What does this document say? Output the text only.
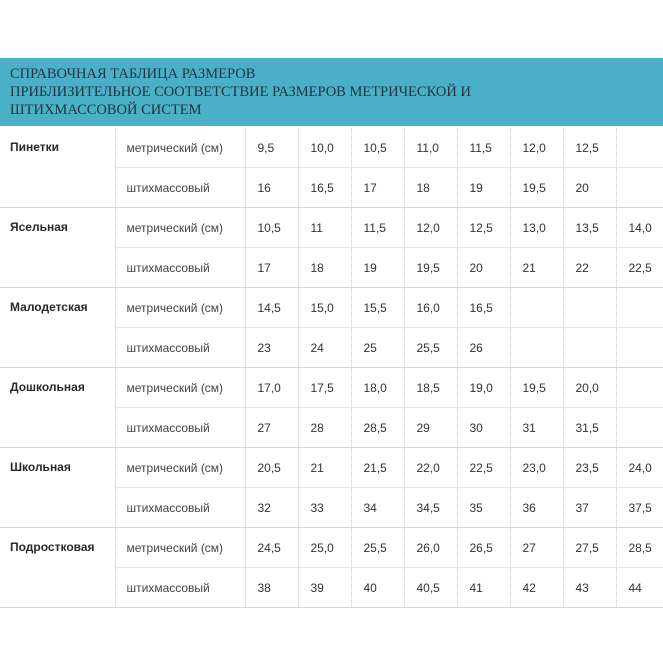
СПРАВОЧНАЯ ТАБЛИЦА РАЗМЕРОВ
ПРИБЛИЗИТЕЛЬНОЕ СООТВЕТСТВИЕ РАЗМЕРОВ МЕТРИЧЕСКОЙ И
ШТИХМАССОВОЙ СИСТЕМ
Пинетки	метрический (см)	9,5	10,0	10,5	11,0	11,5	12,0	12,5	
	штихмассовый	16	16,5	17	18	19	19,5	20	
Ясельная	метрический (см)	10,5	11	11,5	12,0	12,5	13,0	13,5	14,0
	штихмассовый	17	18	19	19,5	20	21	22	22,5
Малодетская	метрический (см)	14,5	15,0	15,5	16,0	16,5			
	штихмассовый	23	24	25	25,5	26			
Дошкольная	метрический (см)	17,0	17,5	18,0	18,5	19,0	19,5	20,0	
	штихмассовый	27	28	28,5	29	30	31	31,5	
Школьная	метрический (см)	20,5	21	21,5	22,0	22,5	23,0	23,5	24,0
	штихмассовый	32	33	34	34,5	35	36	37	37,5
Подростковая	метрический (см)	24,5	25,0	25,5	26,0	26,5	27	27,5	28,5
	штихмассовый	38	39	40	40,5	41	42	43	44
